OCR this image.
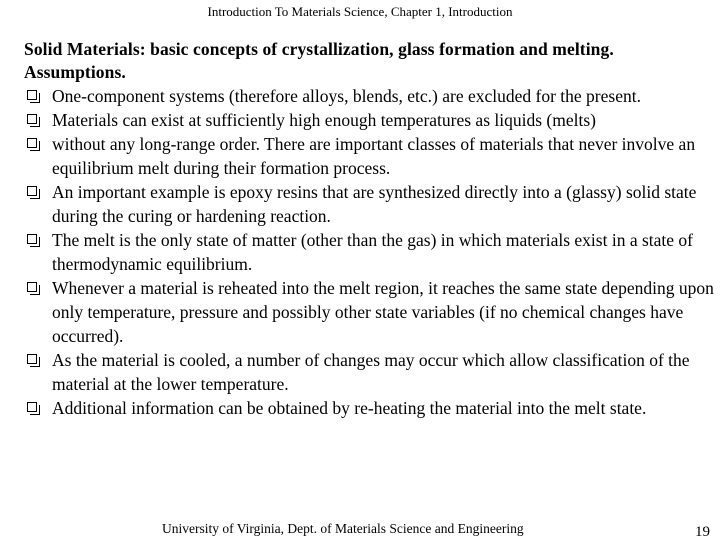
Introduction To Materials Science, Chapter 1, Introduction
Solid Materials: basic concepts of crystallization, glass formation and melting.
Assumptions.
One-component systems (therefore alloys, blends, etc.) are excluded for the present.
Materials can exist at sufficiently high enough temperatures as liquids (melts)
without any long-range order. There are important classes of materials that never involve an equilibrium melt during their formation process.
An important example is epoxy resins that are synthesized directly into a (glassy) solid state during the curing or hardening reaction.
The melt is the only state of matter (other than the gas) in which materials exist in a state of thermodynamic equilibrium.
Whenever a material is reheated into the melt region, it reaches the same state depending upon only temperature, pressure and possibly other state variables (if no chemical changes have occurred).
As the material is cooled, a number of changes may occur which allow classification of the material at the lower temperature.
Additional information can be obtained by re-heating the material into the melt state.
University of Virginia, Dept. of Materials Science and Engineering	19
